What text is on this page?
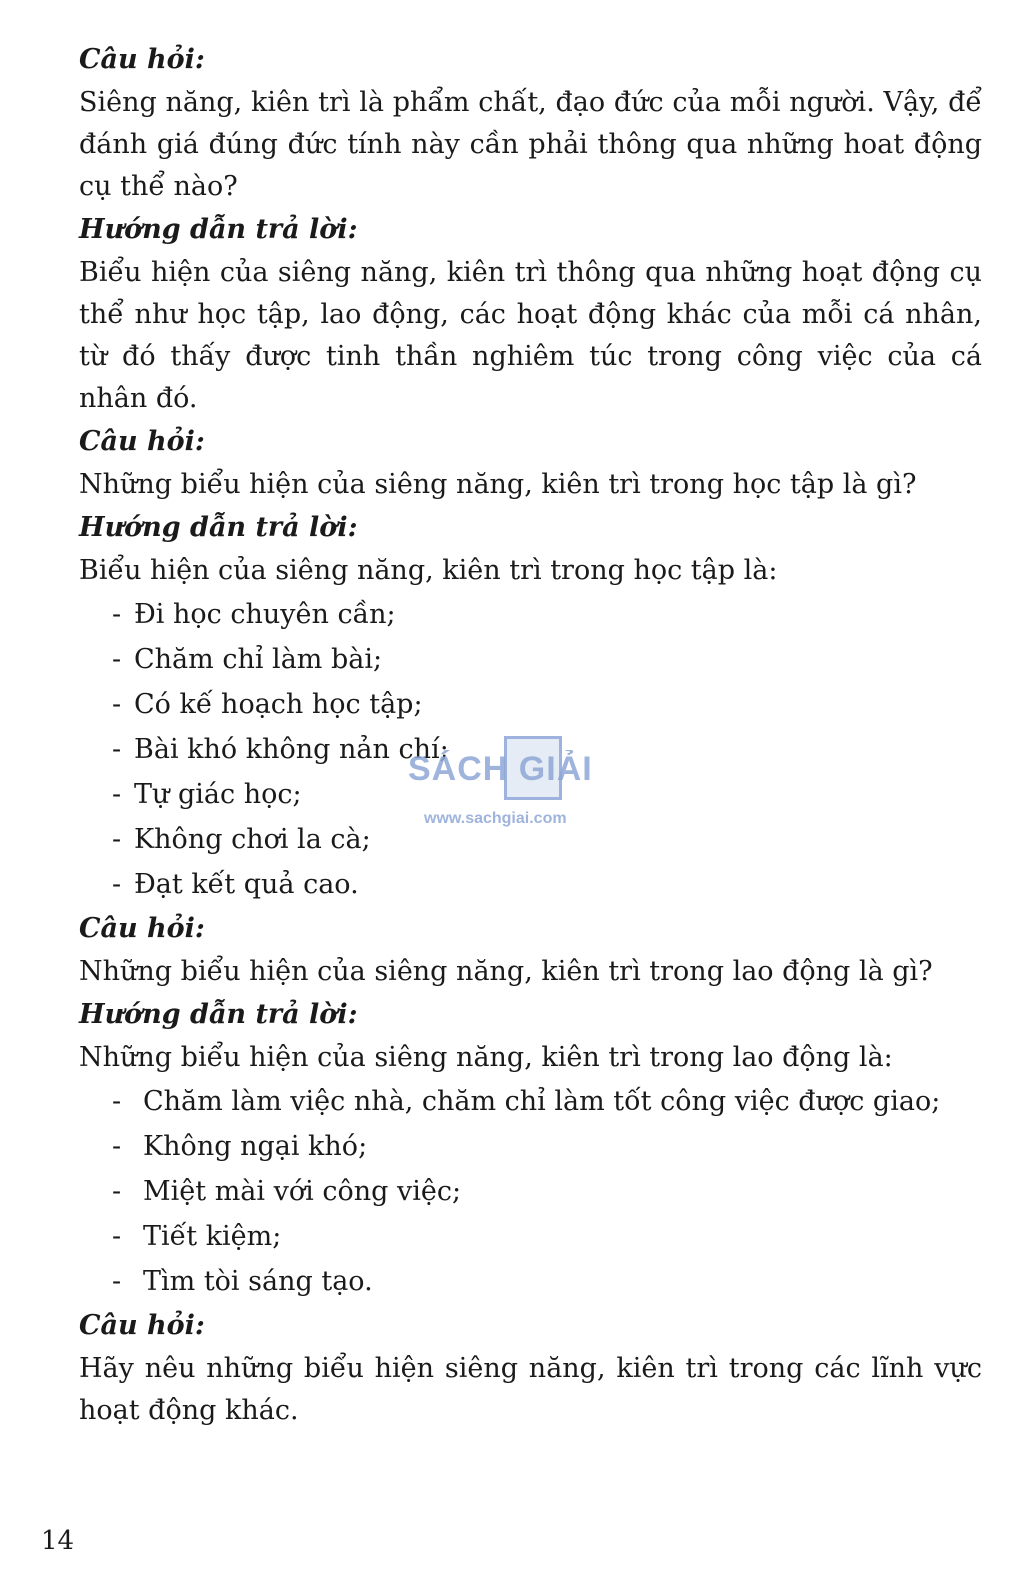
Câu hỏi:

Siêng năng, kiên trì là phẩm chất, đạo đức của mỗi người. Vậy, để đánh giá đúng đức tính này cần phải thông qua những hoat động cụ thể nào?

Hướng dẫn trả lời:

Biểu hiện của siêng năng, kiên trì thông qua những hoạt động cụ thể như học tập, lao động, các hoạt động khác của mỗi cá nhân, từ đó thấy được tinh thần nghiêm túc trong công việc của cá nhân đó.

Câu hỏi:

Những biểu hiện của siêng năng, kiên trì trong học tập là gì?

Hướng dẫn trả lời:

Biểu hiện của siêng năng, kiên trì trong học tập là:

- Đi học chuyên cần;
- Chăm chỉ làm bài;
- Có kế hoạch học tập;
- Bài khó không nản chí;
- Tự giác học;
- Không chơi la cà;
- Đạt kết quả cao.
Câu hỏi:

Những biểu hiện của siêng năng, kiên trì trong lao động là gì?

Hướng dẫn trả lời:

Những biểu hiện của siêng năng, kiên trì trong lao động là:

- Chăm làm việc nhà, chăm chỉ làm tốt công việc được giao;
- Không ngại khó;
- Miệt mài với công việc;
- Tiết kiệm;
- Tìm tòi sáng tạo.
Câu hỏi:

Hãy nêu những biểu hiện siêng năng, kiên trì trong các lĩnh vực hoạt động khác.

14
SÁCH GIẢI
www.sachgiai.com
